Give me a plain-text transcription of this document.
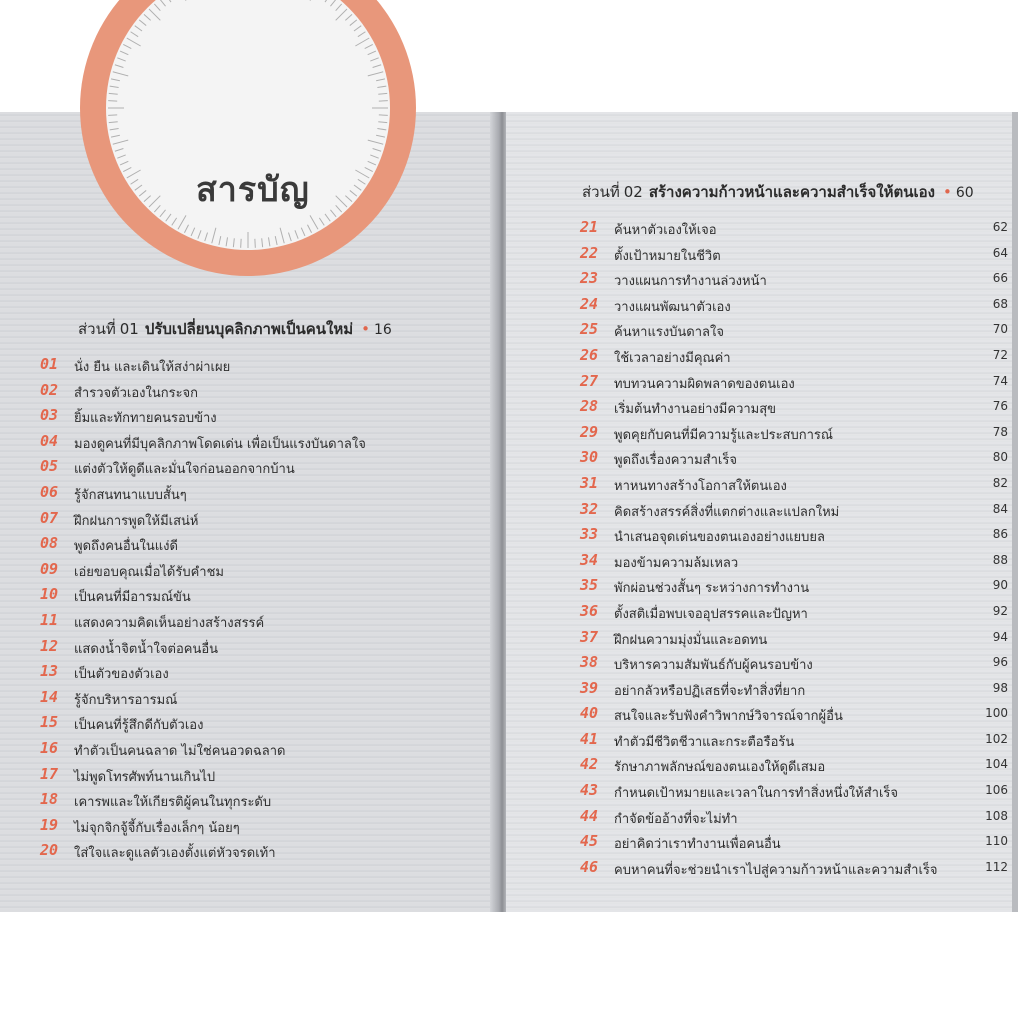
สารบัญ
ส่วนที่ 01 ปรับเปลี่ยนบุคลิกภาพเป็นคนใหม่ • 16
01 นั่ง ยืน และเดินให้สง่าผ่าเผย
02 สำรวจตัวเองในกระจก
03 ยิ้มและทักทายคนรอบข้าง
04 มองดูคนที่มีบุคลิกภาพโดดเด่น เพื่อเป็นแรงบันดาลใจ
05 แต่งตัวให้ดูดีและมั่นใจก่อนออกจากบ้าน
06 รู้จักสนทนาแบบสั้นๆ
07 ฝึกฝนการพูดให้มีเสน่ห์
08 พูดถึงคนอื่นในแง่ดี
09 เอ่ยขอบคุณเมื่อได้รับคำชม
10 เป็นคนที่มีอารมณ์ขัน
11 แสดงความคิดเห็นอย่างสร้างสรรค์
12 แสดงน้ำจิตน้ำใจต่อคนอื่น
13 เป็นตัวของตัวเอง
14 รู้จักบริหารอารมณ์
15 เป็นคนที่รู้สึกดีกับตัวเอง
16 ทำตัวเป็นคนฉลาด ไม่ใช่คนอวดฉลาด
17 ไม่พูดโทรศัพท์นานเกินไป
18 เคารพและให้เกียรติผู้คนในทุกระดับ
19 ไม่จุกจิกจู้จี้กับเรื่องเล็กๆ น้อยๆ
20 ใส่ใจและดูแลตัวเองตั้งแต่หัวจรดเท้า
ส่วนที่ 02 สร้างความก้าวหน้าและความสำเร็จให้ตนเอง • 60
21 ค้นหาตัวเองให้เจอ	62
22 ตั้งเป้าหมายในชีวิต	64
23 วางแผนการทำงานล่วงหน้า	66
24 วางแผนพัฒนาตัวเอง	68
25 ค้นหาแรงบันดาลใจ	70
26 ใช้เวลาอย่างมีคุณค่า	72
27 ทบทวนความผิดพลาดของตนเอง	74
28 เริ่มต้นทำงานอย่างมีความสุข	76
29 พูดคุยกับคนที่มีความรู้และประสบการณ์	78
30 พูดถึงเรื่องความสำเร็จ	80
31 หาหนทางสร้างโอกาสให้ตนเอง	82
32 คิดสร้างสรรค์สิ่งที่แตกต่างและแปลกใหม่	84
33 นำเสนอจุดเด่นของตนเองอย่างแยบยล	86
34 มองข้ามความล้มเหลว	88
35 พักผ่อนช่วงสั้นๆ ระหว่างการทำงาน	90
36 ตั้งสติเมื่อพบเจออุปสรรคและปัญหา	92
37 ฝึกฝนความมุ่งมั่นและอดทน	94
38 บริหารความสัมพันธ์กับผู้คนรอบข้าง	96
39 อย่ากลัวหรือปฏิเสธที่จะทำสิ่งที่ยาก	98
40 สนใจและรับฟังคำวิพากษ์วิจารณ์จากผู้อื่น	100
41 ทำตัวมีชีวิตชีวาและกระตือรือร้น	102
42 รักษาภาพลักษณ์ของตนเองให้ดูดีเสมอ	104
43 กำหนดเป้าหมายและเวลาในการทำสิ่งหนึ่งให้สำเร็จ	106
44 กำจัดข้ออ้างที่จะไม่ทำ	108
45 อย่าคิดว่าเราทำงานเพื่อคนอื่น	110
46 คบหาคนที่จะช่วยนำเราไปสู่ความก้าวหน้าและความสำเร็จ	112
